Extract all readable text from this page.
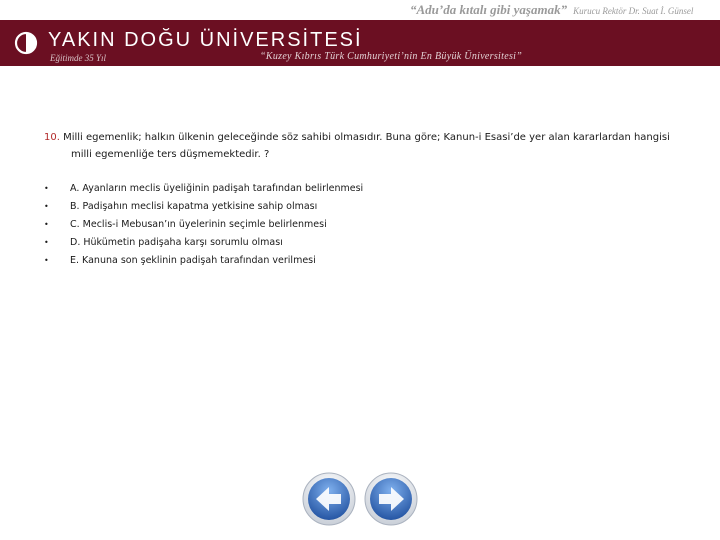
“Adu’da kıtalı gibi yaşamak” Kurucu Rektör Dr. Suat İ. Günsel
YAKIN DOĞU ÜNİVERSİTESİ
Eğitimde 35 Yıl	“Kuzey Kıbrıs Türk Cumhuriyeti’nin En Büyük Üniversitesi”
10. Milli egemenlik; halkın ülkenin geleceğinde söz sahibi olmasıdır. Buna göre; Kanun-i Esasi’de yer alan kararlardan hangisi
milli egemenliğe ters düşmemektedir. ?
• A. Ayanların meclis üyeliğinin padişah tarafından belirlenmesi
• B. Padişahın meclisi kapatma yetkisine sahip olması
• C. Meclis-i Mebusan’ın üyelerinin seçimle belirlenmesi
• D. Hükümetin padişaha karşı sorumlu olması
• E. Kanuna son şeklinin padişah tarafından verilmesi
